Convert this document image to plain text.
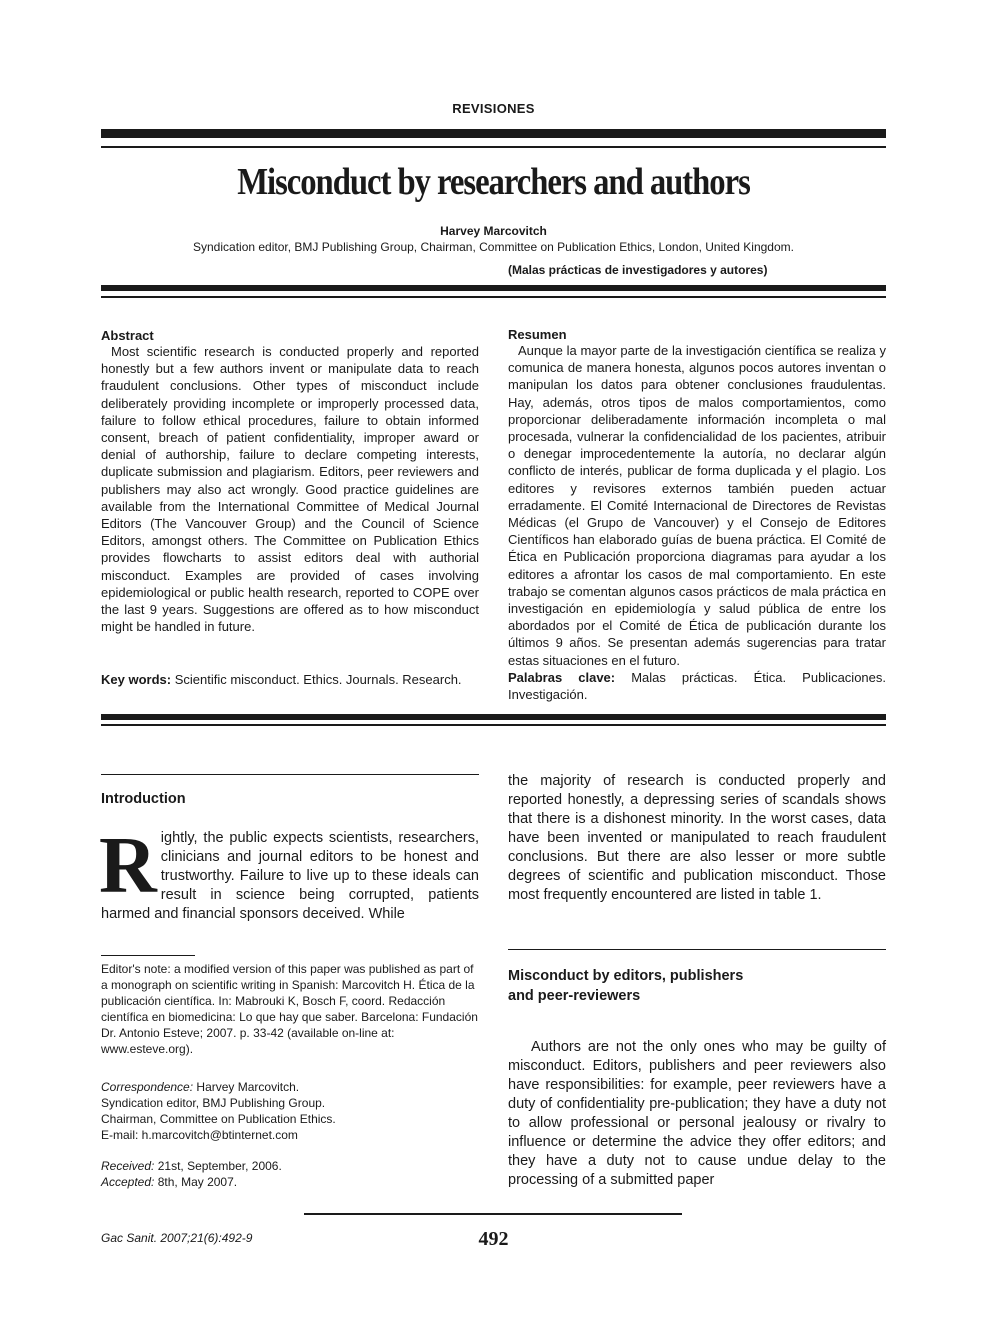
REVISIONES
Misconduct by researchers and authors
Harvey Marcovitch
Syndication editor, BMJ Publishing Group, Chairman, Committee on Publication Ethics, London, United Kingdom.
(Malas prácticas de investigadores y autores)
Abstract

Most scientific research is conducted properly and reported honestly but a few authors invent or manipulate data to reach fraudulent conclusions. Other types of misconduct include deliberately providing incomplete or improperly processed data, failure to follow ethical procedures, failure to obtain informed consent, breach of patient confidentiality, improper award or denial of authorship, failure to declare competing interests, duplicate submission and plagiarism. Editors, peer reviewers and publishers may also act wrongly. Good practice guidelines are available from the International Committee of Medical Journal Editors (The Vancouver Group) and the Council of Science Editors, amongst others. The Committee on Publication Ethics provides flowcharts to assist editors deal with authorial misconduct. Examples are provided of cases involving epidemiological or public health research, reported to COPE over the last 9 years. Suggestions are offered as to how misconduct might be handled in future.

Key words: Scientific misconduct. Ethics. Journals. Research.
Resumen

Aunque la mayor parte de la investigación científica se realiza y comunica de manera honesta, algunos pocos autores inventan o manipulan los datos para obtener conclusiones fraudulentas. Hay, además, otros tipos de malos comportamientos, como proporcionar deliberadamente información incompleta o mal procesada, vulnerar la confidencialidad de los pacientes, atribuir o denegar improcedentemente la autoría, no declarar algún conflicto de interés, publicar de forma duplicada y el plagio. Los editores y revisores externos también pueden actuar erradamente. El Comité Internacional de Directores de Revistas Médicas (el Grupo de Vancouver) y el Consejo de Editores Científicos han elaborado guías de buena práctica. El Comité de Ética en Publicación proporciona diagramas para ayudar a los editores a afrontar los casos de mal comportamiento. En este trabajo se comentan algunos casos prácticos de mala práctica en investigación en epidemiología y salud pública de entre los abordados por el Comité de Ética de publicación durante los últimos 9 años. Se presentan además sugerencias para tratar estas situaciones en el futuro.

Palabras clave: Malas prácticas. Ética. Publicaciones. Investigación.
Introduction
R ightly, the public expects scientists, researchers, clinicians and journal editors to be honest and trustworthy. Failure to live up to these ideals can result in science being corrupted, patients harmed and financial sponsors deceived. While
the majority of research is conducted properly and reported honestly, a depressing series of scandals shows that there is a dishonest minority. In the worst cases, data have been invented or manipulated to reach fraudulent conclusions. But there are also lesser or more subtle degrees of scientific and publication misconduct. Those most frequently encountered are listed in table 1.
Misconduct by editors, publishers
and peer-reviewers
Authors are not the only ones who may be guilty of misconduct. Editors, publishers and peer reviewers also have responsibilities: for example, peer reviewers have a duty of confidentiality pre-publication; they have a duty not to allow professional or personal jealousy or rivalry to influence or determine the advice they offer editors; and they have a duty not to cause undue delay to the processing of a submitted paper
Editor's note: a modified version of this paper was published as part of a monograph on scientific writing in Spanish: Marcovitch H. Ética de la publicación científica. In: Mabrouki K, Bosch F, coord. Redacción científica en biomedicina: Lo que hay que saber. Barcelona: Fundación Dr. Antonio Esteve; 2007. p. 33-42 (available on-line at: www.esteve.org).

Correspondence: Harvey Marcovitch.

Syndication editor, BMJ Publishing Group.

Chairman, Committee on Publication Ethics.

E-mail: h.marcovitch@btinternet.com

Received: 21st, September, 2006.

Accepted: 8th, May 2007.

Gac Sanit. 2007;21(6):492-9	492
